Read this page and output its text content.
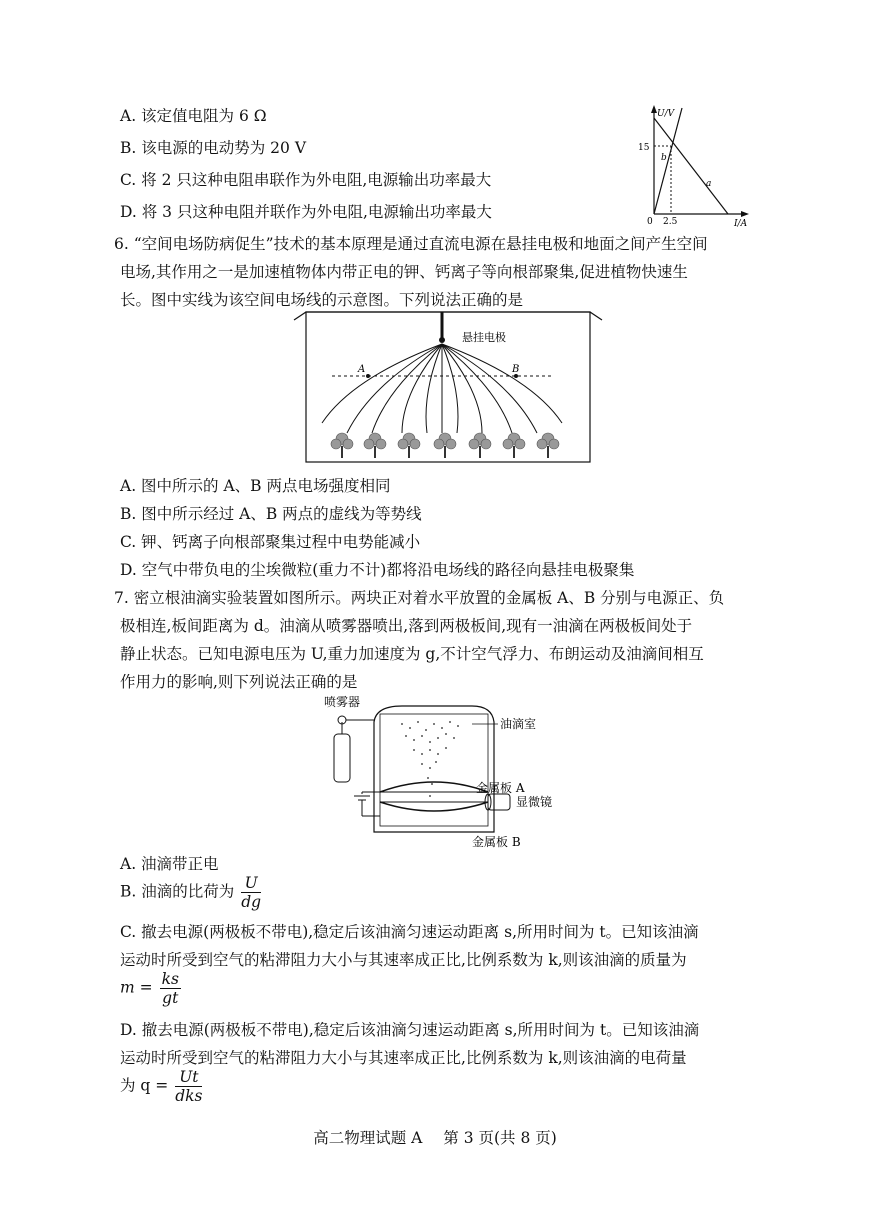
A. 该定值电阻为 6 Ω
B. 该电源的电动势为 20 V
C. 将 2 只这种电阻串联作为外电阻,电源输出功率最大
D. 将 3 只这种电阻并联作为外电阻,电源输出功率最大
U/V
I/A
15
2.5
0
a
b
6. “空间电场防病促生”技术的基本原理是通过直流电源在悬挂电极和地面之间产生空间
电场,其作用之一是加速植物体内带正电的钾、钙离子等向根部聚集,促进植物快速生
长。图中实线为该空间电场线的示意图。下列说法正确的是
悬挂电极
A	B
A. 图中所示的 A、B 两点电场强度相同
B. 图中所示经过 A、B 两点的虚线为等势线
C. 钾、钙离子向根部聚集过程中电势能减小
D. 空气中带负电的尘埃微粒(重力不计)都将沿电场线的路径向悬挂电极聚集
7. 密立根油滴实验装置如图所示。两块正对着水平放置的金属板 A、B 分别与电源正、负
极相连,板间距离为 d。油滴从喷雾器喷出,落到两极板间,现有一油滴在两极板间处于
静止状态。已知电源电压为 U,重力加速度为 g,不计空气浮力、布朗运动及油滴间相互
作用力的影响,则下列说法正确的是
喷雾器
油滴室
金属板 A
显微镜
金属板 B
A. 油滴带正电
B. 油滴的比荷为 $\frac{U}{dg}$
C. 撤去电源(两极板不带电),稳定后该油滴匀速运动距离 s,所用时间为 t。已知该油滴
运动时所受到空气的粘滞阻力大小与其速率成正比,比例系数为 k,则该油滴的质量为
$m = \frac{ks}{gt}$
D. 撤去电源(两极板不带电),稳定后该油滴匀速运动距离 s,所用时间为 t。已知该油滴
运动时所受到空气的粘滞阻力大小与其速率成正比,比例系数为 k,则该油滴的电荷量
为 $q = \frac{Ut}{\text{dks}}$
高二物理试题 A 第 3 页(共 8 页)
